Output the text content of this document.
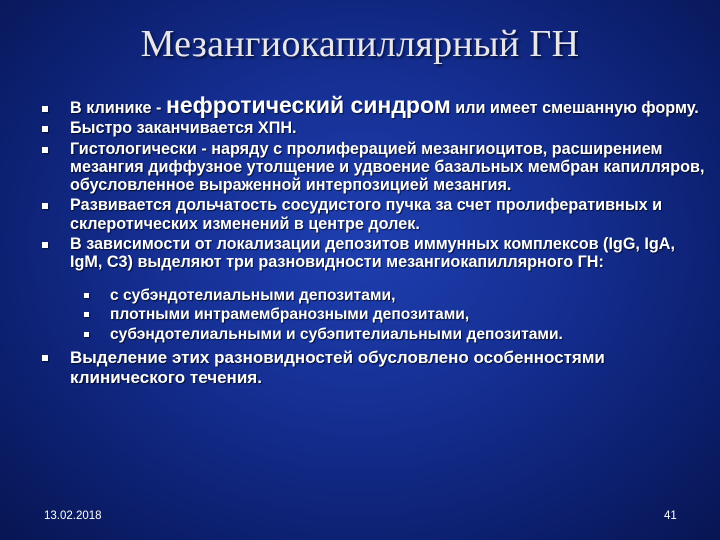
Мезангиокапиллярный ГН
В клинике - нефротический синдром или имеет смешанную форму.
Быстро заканчивается ХПН.
Гистологически - наряду с пролиферацией мезангиоцитов, расширением мезангия диффузное утолщение и удвоение базальных мембран капилляров, обусловленное выраженной интерпозицией мезангия.
Развивается дольчатость сосудистого пучка за счет пролиферативных и склеротических изменений в центре долек.
В зависимости от локализации депозитов иммунных комплексов (IgG, IgA, IgM, C3) выделяют три разновидности мезангиокапиллярного ГН:
с субэндотелиальными депозитами,
плотными интрамембранозными депозитами,
субэндотелиальными и субэпителиальными депозитами.
Выделение этих разновидностей обусловлено особенностями клинического течения.
13.02.2018	41
